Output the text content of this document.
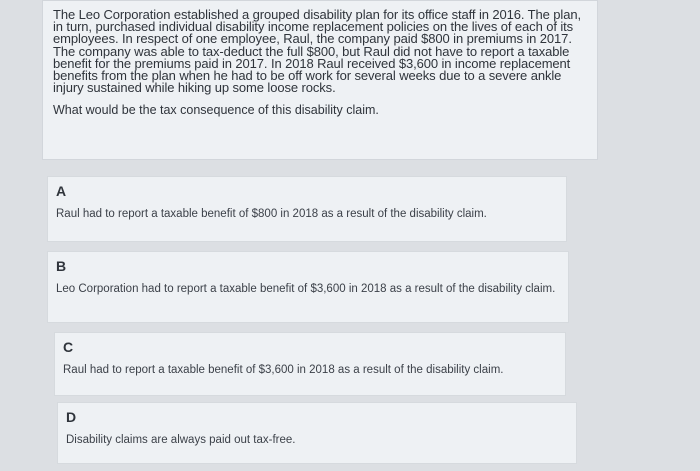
The Leo Corporation established a grouped disability plan for its office staff in 2016. The plan, in turn, purchased individual disability income replacement policies on the lives of each of its employees. In respect of one employee, Raul, the company paid $800 in premiums in 2017. The company was able to tax-deduct the full $800, but Raul did not have to report a taxable benefit for the premiums paid in 2017. In 2018 Raul received $3,600 in income replacement benefits from the plan when he had to be off work for several weeks due to a severe ankle injury sustained while hiking up some loose rocks.

What would be the tax consequence of this disability claim.

A
Raul had to report a taxable benefit of $800 in 2018 as a result of the disability claim.
B
Leo Corporation had to report a taxable benefit of $3,600 in 2018 as a result of the disability claim.
C
Raul had to report a taxable benefit of $3,600 in 2018 as a result of the disability claim.
D
Disability claims are always paid out tax-free.
